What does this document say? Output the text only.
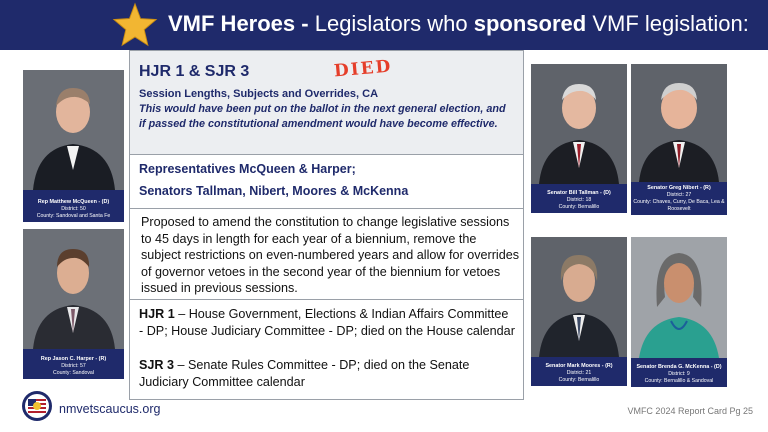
VMF Heroes - Legislators who sponsored VMF legislation:
Rep Matthew McQueen - (D)
District: 50
County: Sandoval and Santa Fe
Rep Jason C. Harper - (R)
District: 57
County: Sandoval
Senator Bill Tallman - (D)
District: 18
County: Bernalillo
Senator Greg Nibert - (R)
District: 27
County: Chaves, Curry, De Baca, Lea & Roosevelt
Senator Mark Moores - (R)
District: 21
County: Bernalillo
Senator Brenda G. McKenna - (D)
District: 9
County: Bernalillo & Sandoval
HJR 1 & SJR 3	DIED
Session Lengths, Subjects and Overrides, CA
This would have been put on the ballot in the next general election, and if passed the constitutional amendment would have become effective.
Representatives McQueen & Harper;
Senators Tallman, Nibert, Moores & McKenna
Proposed to amend the constitution to change legislative sessions to 45 days in length for each year of a biennium, remove the subject restrictions on even-numbered years and allow for overrides of governor vetoes in the second year of the biennium for vetoes issued in previous sessions.
HJR 1 – House Government, Elections & Indian Affairs Committee - DP; House Judiciary Committee - DP; died on the House calendar
SJR 3 – Senate Rules Committee - DP; died on the Senate Judiciary Committee calendar
nmvetscaucus.org	VMFC 2024 Report Card Pg 25
